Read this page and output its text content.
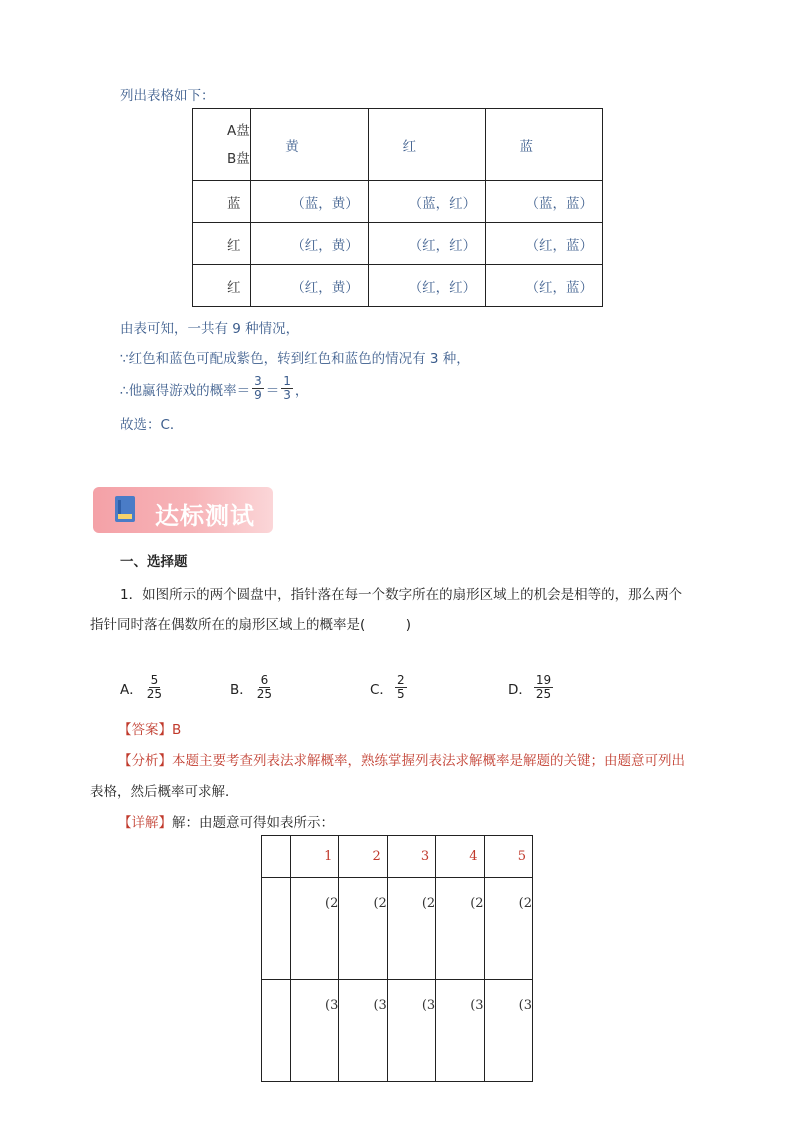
列出表格如下：
A盘
B盘	黄	红	蓝
蓝	（蓝，黄）	（蓝，红）	（蓝，蓝）
红	（红，黄）	（红，红）	（红，蓝）
红	（红，黄）	（红，红）	（红，蓝）
由表可知，一共有 9 种情况，
∵红色和蓝色可配成紫色，转到红色和蓝色的情况有 3 种，
∴他赢得游戏的概率＝ $\frac{3}{9} = \frac{1}{3}$ ，
故选：C．
达标测试
一、选择题
1．如图所示的两个圆盘中，指针落在每一个数字所在的扇形区域上的机会是相等的，那么两个
指针同时落在偶数所在的扇形区域上的概率是(　　　)
A． $\frac{5}{25}$	B． $\frac{6}{25}$	C． $\frac{2}{5}$	D． $\frac{19}{25}$
【答案】B
【分析】本题主要考查列表法求解概率，熟练掌握列表法求解概率是解题的关键；由题意可列出
表格，然后概率可求解．
【详解】解：由题意可得如表所示：
	1	2	3	4	5
	(2	(2	(2	(2	(2
	(3	(3	(3	(3	(3
